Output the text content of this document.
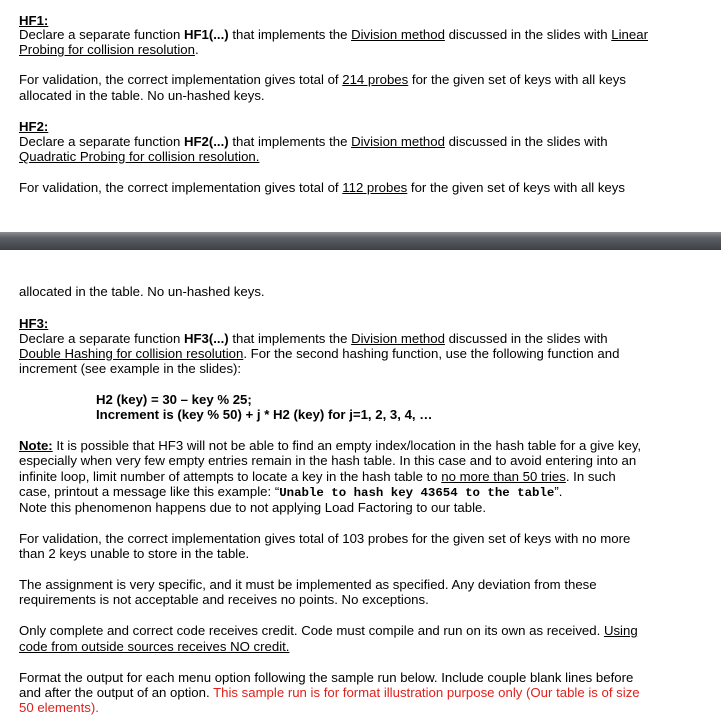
HF1:
Declare a separate function HF1(...) that implements the Division method discussed in the slides with Linear
Probing for collision resolution.
For validation, the correct implementation gives total of 214 probes for the given set of keys with all keys
allocated in the table. No un-hashed keys.
HF2:
Declare a separate function HF2(...) that implements the Division method discussed in the slides with
Quadratic Probing for collision resolution.
For validation, the correct implementation gives total of 112 probes for the given set of keys with all keys
allocated in the table. No un-hashed keys.
HF3:
Declare a separate function HF3(...) that implements the Division method discussed in the slides with
Double Hashing for collision resolution. For the second hashing function, use the following function and
increment (see example in the slides):
H2 (key) = 30 – key % 25;
Increment is (key % 50) + j * H2 (key) for j=1, 2, 3, 4, …
Note: It is possible that HF3 will not be able to find an empty index/location in the hash table for a give key,
especially when very few empty entries remain in the hash table. In this case and to avoid entering into an
infinite loop, limit number of attempts to locate a key in the hash table to no more than 50 tries. In such
case, printout a message like this example: “Unable to hash key 43654 to the table”.
Note this phenomenon happens due to not applying Load Factoring to our table.
For validation, the correct implementation gives total of 103 probes for the given set of keys with no more
than 2 keys unable to store in the table.
The assignment is very specific, and it must be implemented as specified. Any deviation from these
requirements is not acceptable and receives no points. No exceptions.
Only complete and correct code receives credit. Code must compile and run on its own as received. Using
code from outside sources receives NO credit.
Format the output for each menu option following the sample run below. Include couple blank lines before
and after the output of an option. This sample run is for format illustration purpose only (Our table is of size
50 elements).
